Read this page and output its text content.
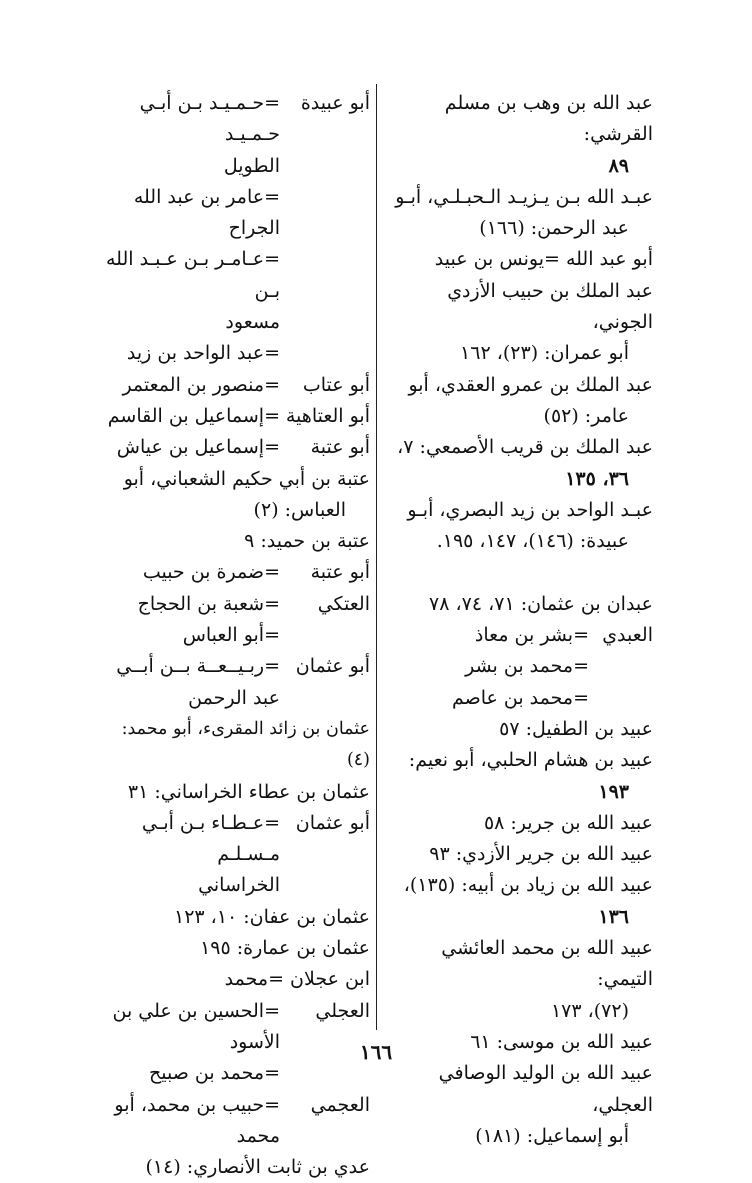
عبد الله بن وهب بن مسلم القرشي:
٨٩
عبـد الله بـن يـزيـد الـحبـلـي، أبـو
عبد الرحمن: (١٦٦)
أبو عبد الله =يونس بن عبيد
عبد الملك بن حبيب الأزدي الجوني،
أبو عمران: (٢٣)، ١٦٢
عبد الملك بن عمرو العقدي، أبو
عامر: (٥٢)
عبد الملك بن قريب الأصمعي: ٧،
٣٦، ١٣٥
عبـد الواحد بن زيد البصري، أبـو
عبيدة: (١٤٦)، ١٤٧، ١٩٥.
عبدان بن عثمان: ٧١، ٧٤، ٧٨
العبدي
=بشر بن معاذ
=محمد بن بشر
=محمد بن عاصم
عبيد بن الطفيل: ٥٧
عبيد بن هشام الحلبي، أبو نعيم:
١٩٣
عبيد الله بن جرير: ٥٨
عبيد الله بن جرير الأزدي: ٩٣
عبيد الله بن زياد بن أبيه: (١٣٥)،
١٣٦
عبيد الله بن محمد العائشي التيمي:
(٧٢)، ١٧٣
عبيد الله بن موسى: ٦١
عبيد الله بن الوليد الوصافي العجلي،
أبو إسماعيل: (١٨١)
أبو عبيدة
=حـمـيـد بـن أبـي حـمـيـد
الطويل
=عامر بن عبد الله الجراح
=عـامـر بـن عـبـد الله بـن
مسعود
=عبد الواحد بن زيد
أبو عتاب
=منصور بن المعتمر
أبو العتاهية
=إسماعيل بن القاسم
أبو عتبة
=إسماعيل بن عياش
عتبة بن أبي حكيم الشعباني، أبو
العباس: (٢)
عتبة بن حميد: ٩
أبو عتبة
=ضمرة بن حبيب
العتكي
=شعبة بن الحجاج
=أبو العباس
أبو عثمان
=ربـيــعــة بــن أبــي
عبد الرحمن
عثمان بن زائد المقرىء، أبو محمد: (٤)
عثمان بن عطاء الخراساني: ٣١
أبو عثمان
=عـطـاء بـن أبـي مـسـلـم
الخراساني
عثمان بن عفان: ١٠، ١٢٣
عثمان بن عمارة: ١٩٥
ابن عجلان =محمد
العجلي
=الحسين بن علي بن
الأسود
=محمد بن صبيح
العجمي
=حبيب بن محمد، أبو
محمد
عدي بن ثابت الأنصاري: (١٤)
١٦٦
